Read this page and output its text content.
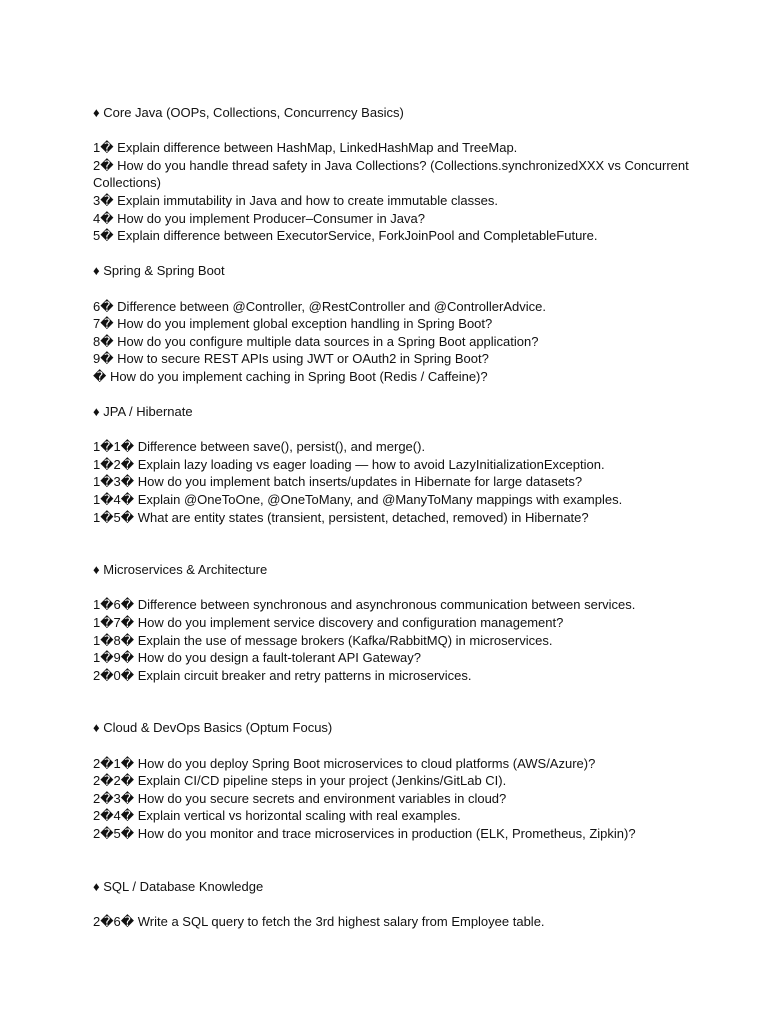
♦ Core Java (OOPs, Collections, Concurrency Basics)

1� Explain difference between HashMap, LinkedHashMap and TreeMap.

2� How do you handle thread safety in Java Collections? (Collections.synchronizedXXX vs Concurrent Collections)

3� Explain immutability in Java and how to create immutable classes.

4� How do you implement Producer–Consumer in Java?

5� Explain difference between ExecutorService, ForkJoinPool and CompletableFuture.

♦ Spring & Spring Boot

6� Difference between @Controller, @RestController and @ControllerAdvice.

7� How do you implement global exception handling in Spring Boot?

8� How do you configure multiple data sources in a Spring Boot application?

9� How to secure REST APIs using JWT or OAuth2 in Spring Boot?

� How do you implement caching in Spring Boot (Redis / Caffeine)?

♦ JPA / Hibernate

1�1� Difference between save(), persist(), and merge().

1�2� Explain lazy loading vs eager loading — how to avoid LazyInitializationException.

1�3� How do you implement batch inserts/updates in Hibernate for large datasets?

1�4� Explain @OneToOne, @OneToMany, and @ManyToMany mappings with examples.

1�5� What are entity states (transient, persistent, detached, removed) in Hibernate?

♦ Microservices & Architecture

1�6� Difference between synchronous and asynchronous communication between services.

1�7� How do you implement service discovery and configuration management?

1�8� Explain the use of message brokers (Kafka/RabbitMQ) in microservices.

1�9� How do you design a fault-tolerant API Gateway?

2�0� Explain circuit breaker and retry patterns in microservices.

♦ Cloud & DevOps Basics (Optum Focus)

2�1� How do you deploy Spring Boot microservices to cloud platforms (AWS/Azure)?

2�2� Explain CI/CD pipeline steps in your project (Jenkins/GitLab CI).

2�3� How do you secure secrets and environment variables in cloud?

2�4� Explain vertical vs horizontal scaling with real examples.

2�5� How do you monitor and trace microservices in production (ELK, Prometheus, Zipkin)?

♦ SQL / Database Knowledge

2�6� Write a SQL query to fetch the 3rd highest salary from Employee table.
